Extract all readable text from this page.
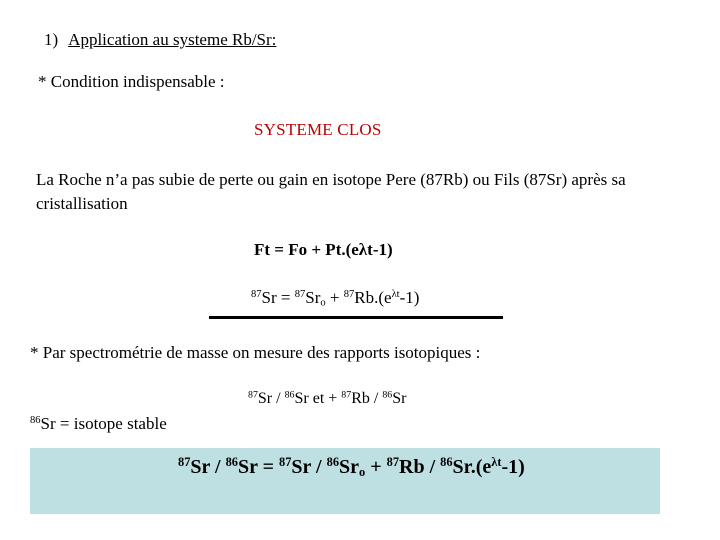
1) Application au systeme Rb/Sr:
* Condition indispensable :
SYSTEME CLOS
La Roche n’a pas subie de perte ou gain en isotope Pere (87Rb) ou Fils (87Sr) après sa cristallisation
Ft = Fo + Pt.(eλt-1)
$^{87}Sr = ^{87}Sr_o + ^{87}Rb.(e^{\lambda t}-1)$
* Par spectrométrie de masse on mesure des rapports isotopiques :
$^{87}$Sr / $^{86}$Sr et + $^{87}$Rb / $^{86}$Sr
$^{86}$Sr = isotope stable
$^{87}Sr / ^{86}Sr = ^{87}Sr / ^{86}Sr_o + ^{87}Rb / ^{86}Sr.(e^{\lambda t}-1)$
